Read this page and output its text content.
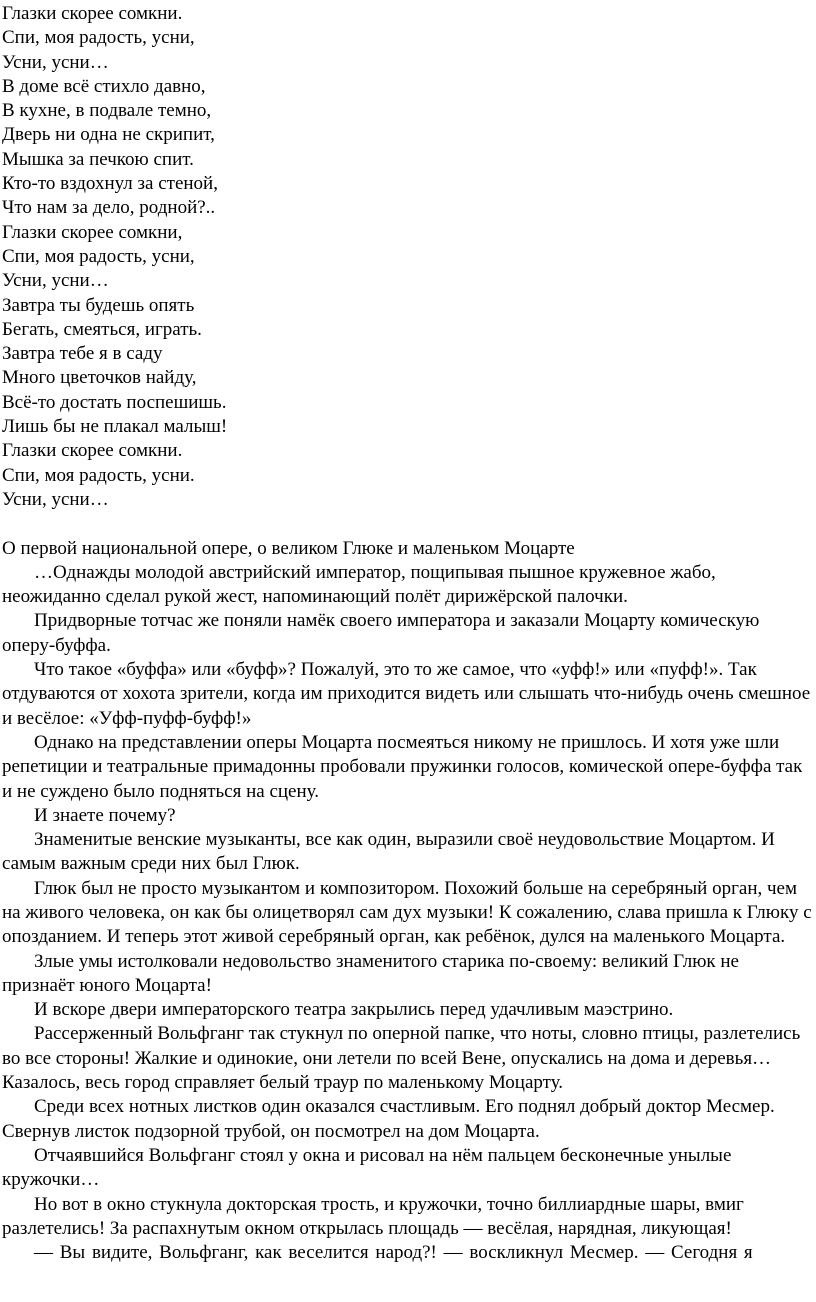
Глазки скорее сомкни.

Спи, моя радость, усни,

Усни, усни…

В доме всё стихло давно,

В кухне, в подвале темно,

Дверь ни одна не скрипит,

Мышка за печкою спит.

Кто-то вздохнул за стеной,

Что нам за дело, родной?..

Глазки скорее сомкни,

Спи, моя радость, усни,

Усни, усни…

Завтра ты будешь опять

Бегать, смеяться, играть.

Завтра тебе я в саду

Много цветочков найду,

Всё-то достать поспешишь.

Лишь бы не плакал малыш!

Глазки скорее сомкни.

Спи, моя радость, усни.

Усни, усни…

О первой национальной опере, о великом Глюке и маленьком Моцарте

…Однажды молодой австрийский император, пощипывая пышное кружевное жабо, неожиданно сделал рукой жест, напоминающий полёт дирижёрской палочки.

Придворные тотчас же поняли намёк своего императора и заказали Моцарту комическую оперу-буффа.

Что такое «буффа» или «буфф»? Пожалуй, это то же самое, что «уфф!» или «пуфф!». Так отдуваются от хохота зрители, когда им приходится видеть или слышать что-нибудь очень смешное и весёлое: «Уфф-пуфф-буфф!»

Однако на представлении оперы Моцарта посмеяться никому не пришлось. И хотя уже шли репетиции и театральные примадонны пробовали пружинки голосов, комической опере-буффа так и не суждено было подняться на сцену.

И знаете почему?

Знаменитые венские музыканты, все как один, выразили своё неудовольствие Моцартом. И самым важным среди них был Глюк.

Глюк был не просто музыкантом и композитором. Похожий больше на серебряный орган, чем на живого человека, он как бы олицетворял сам дух музыки! К сожалению, слава пришла к Глюку с опозданием. И теперь этот живой серебряный орган, как ребёнок, дулся на маленького Моцарта.

Злые умы истолковали недовольство знаменитого старика по-своему: великий Глюк не признаёт юного Моцарта!

И вскоре двери императорского театра закрылись перед удачливым маэстрино.

Рассерженный Вольфганг так стукнул по оперной папке, что ноты, словно птицы, разлетелись во все стороны! Жалкие и одинокие, они летели по всей Вене, опускались на дома и деревья… Казалось, весь город справляет белый траур по маленькому Моцарту.

Среди всех нотных листков один оказался счастливым. Его поднял добрый доктор Месмер. Свернув листок подзорной трубой, он посмотрел на дом Моцарта.

Отчаявшийся Вольфганг стоял у окна и рисовал на нём пальцем бесконечные унылые кружочки…

Но вот в окно стукнула докторская трость, и кружочки, точно биллиардные шары, вмиг разлетелись! За распахнутым окном открылась площадь — весёлая, нарядная, ликующая!

— Вы видите, Вольфганг, как веселится народ?! — воскликнул Месмер. — Сегодня я
